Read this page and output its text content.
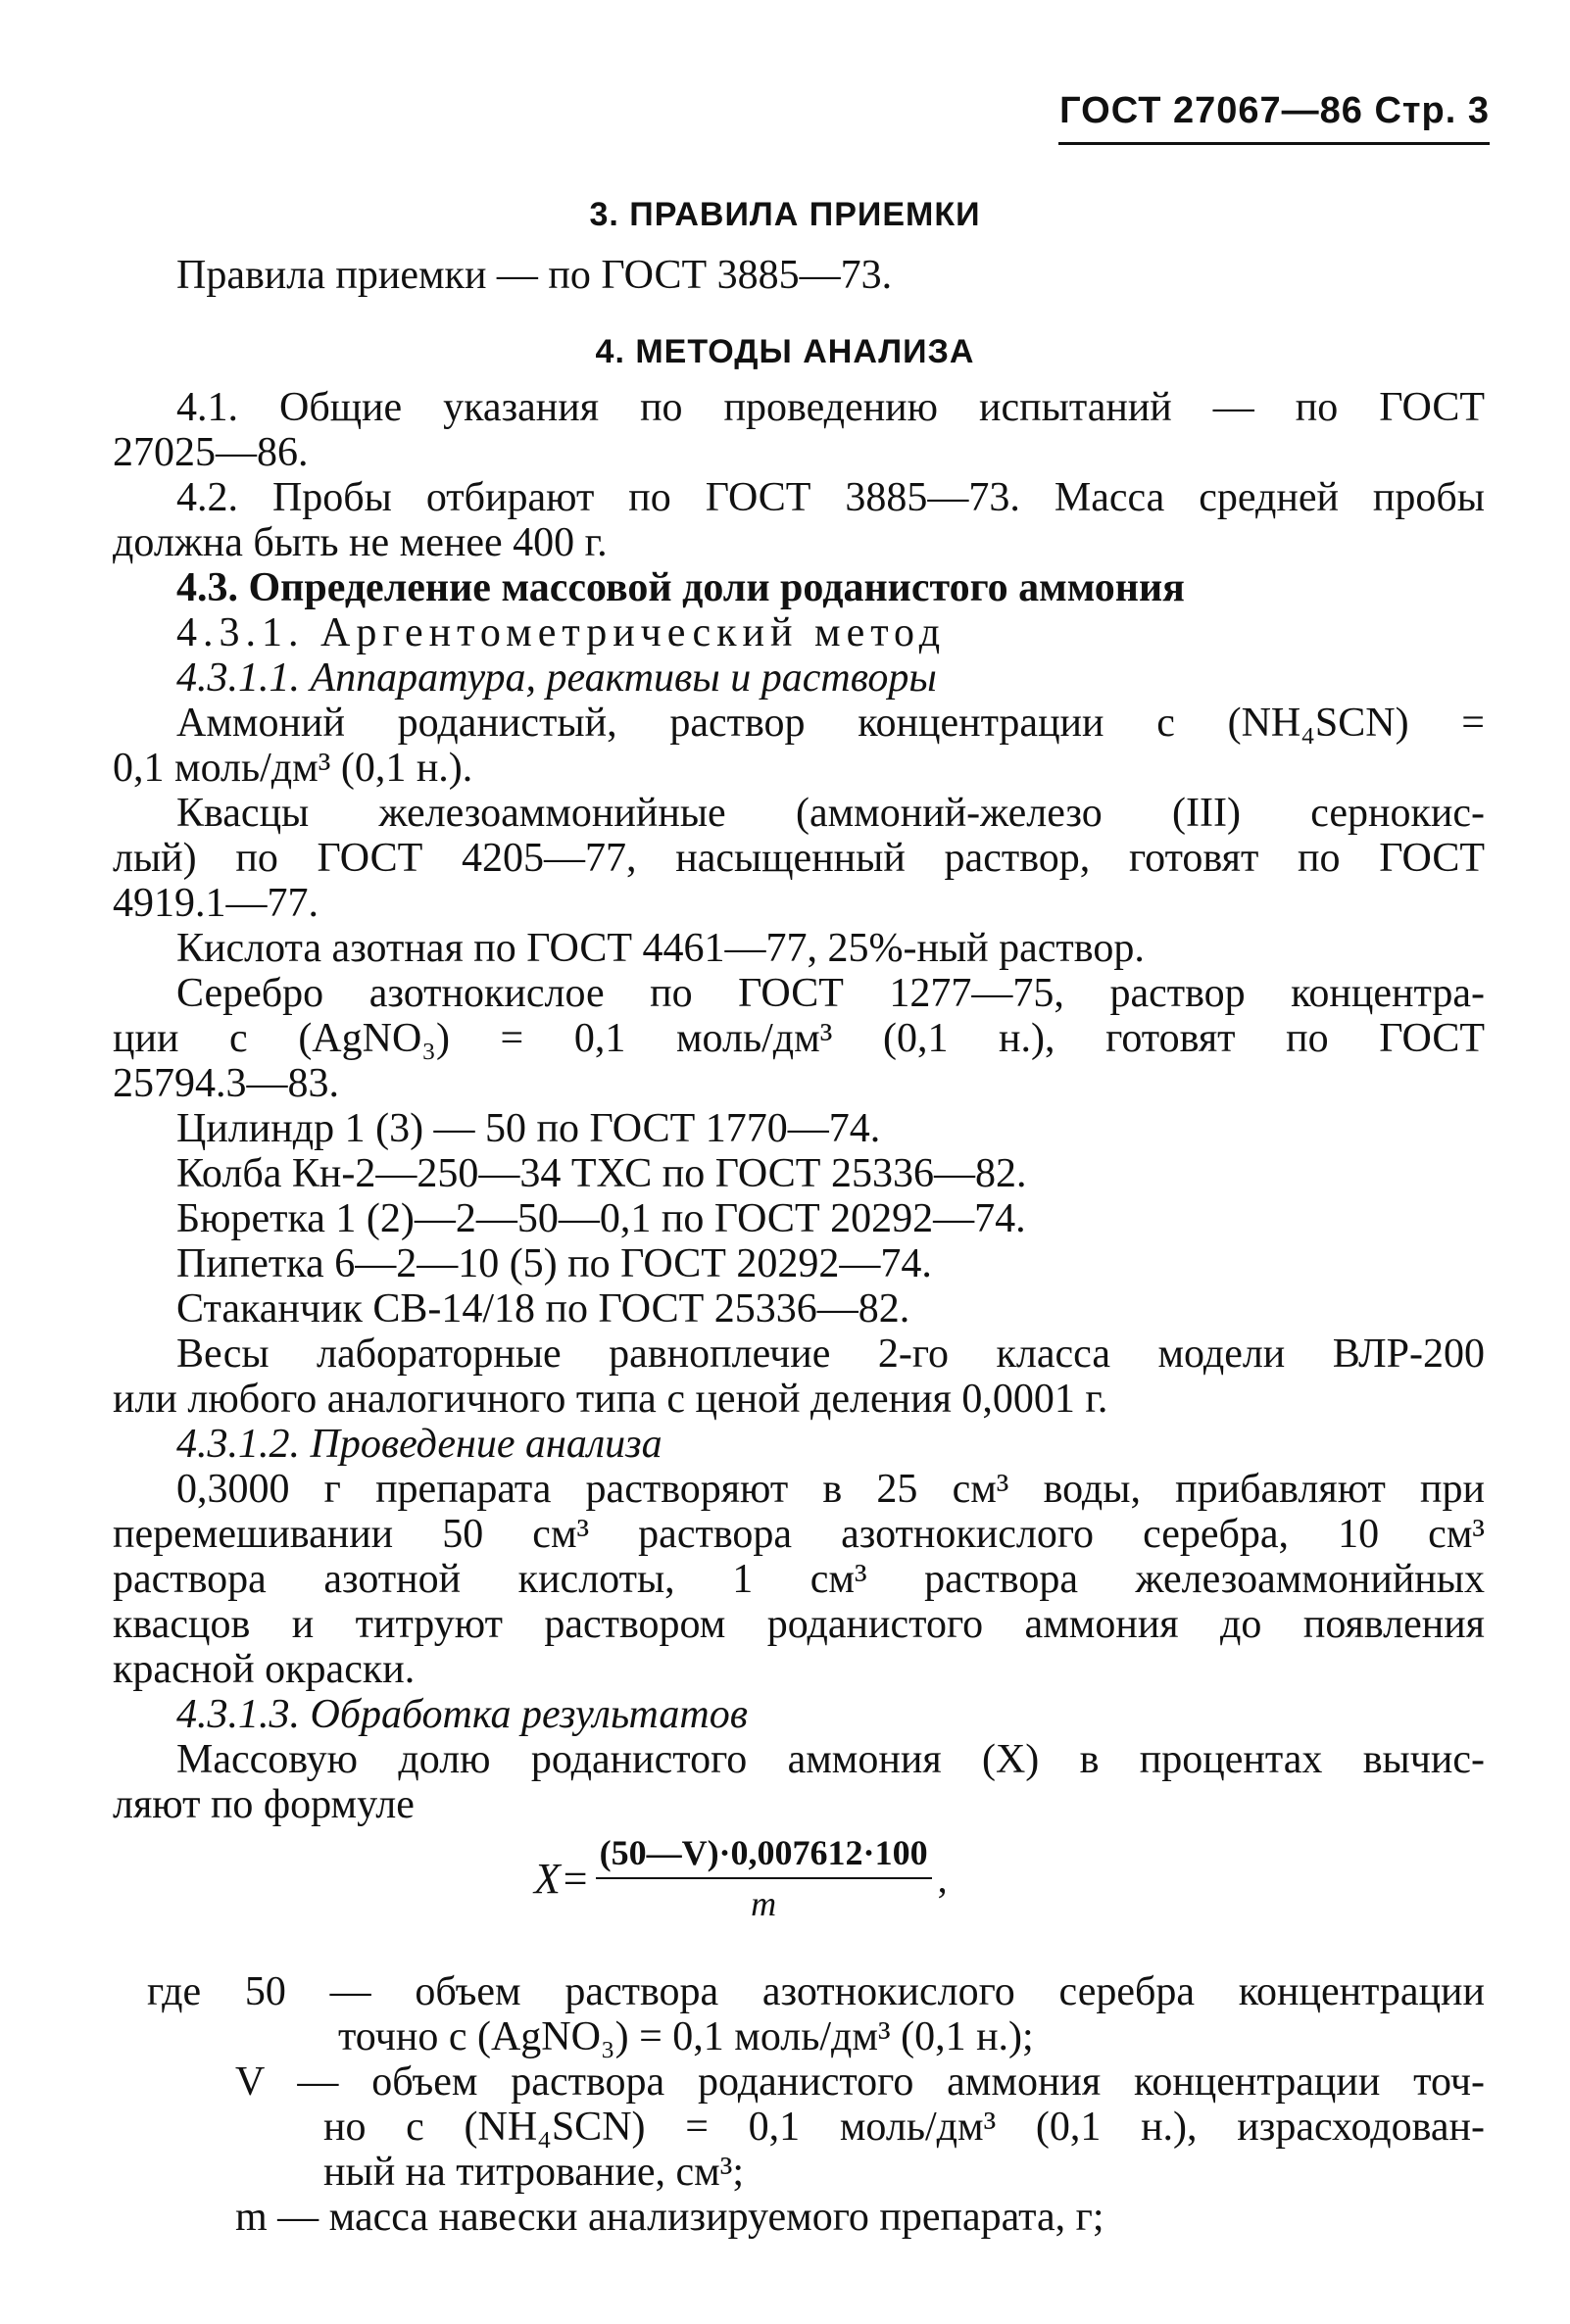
ГОСТ 27067—86 Стр. 3
3. ПРАВИЛА ПРИЕМКИ
Правила приемки — по ГОСТ 3885—73.
4. МЕТОДЫ АНАЛИЗА
4.1. Общие указания по проведению испытаний — по ГОСТ
27025—86.
4.2. Пробы отбирают по ГОСТ 3885—73. Масса средней пробы
должна быть не менее 400 г.
4.3. Определение массовой доли роданистого аммония
4.3.1. Аргентометрический метод
4.3.1.1. Аппаратура, реактивы и растворы
Аммоний роданистый, раствор концентрации c (NH₄SCN) =
0,1 моль/дм³ (0,1 н.).
Квасцы железоаммонийные (аммоний-железо (III) сернокис-
лый) по ГОСТ 4205—77, насыщенный раствор, готовят по ГОСТ
4919.1—77.
Кислота азотная по ГОСТ 4461—77, 25%-ный раствор.
Серебро азотнокислое по ГОСТ 1277—75, раствор концентра-
ции c (AgNO₃) = 0,1 моль/дм³ (0,1 н.), готовят по ГОСТ
25794.3—83.
Цилиндр 1 (3) — 50 по ГОСТ 1770—74.
Колба Кн-2—250—34 ТХС по ГОСТ 25336—82.
Бюретка 1 (2)—2—50—0,1 по ГОСТ 20292—74.
Пипетка 6—2—10 (5) по ГОСТ 20292—74.
Стаканчик СВ-14/18 по ГОСТ 25336—82.
Весы лабораторные равноплечие 2-го класса модели ВЛР-200
или любого аналогичного типа с ценой деления 0,0001 г.
4.3.1.2. Проведение анализа
0,3000 г препарата растворяют в 25 см³ воды, прибавляют при
перемешивании 50 см³ раствора азотнокислого серебра, 10 см³
раствора азотной кислоты, 1 см³ раствора железоаммонийных
квасцов и титруют раствором роданистого аммония до появления
красной окраски.
4.3.1.3. Обработка результатов
Массовую долю роданистого аммония (X) в процентах вычис-
ляют по формуле
$X= \frac{(50—V)\cdot 0,007612\cdot 100}{m}$ ,
где 50 — объем раствора азотнокислого серебра концентрации
точно c (AgNO₃) = 0,1 моль/дм³ (0,1 н.);
V — объем раствора роданистого аммония концентрации точ-
но c (NH₄SCN) = 0,1 моль/дм³ (0,1 н.), израсходован-
ный на титрование, см³;
m — масса навески анализируемого препарата, г;
